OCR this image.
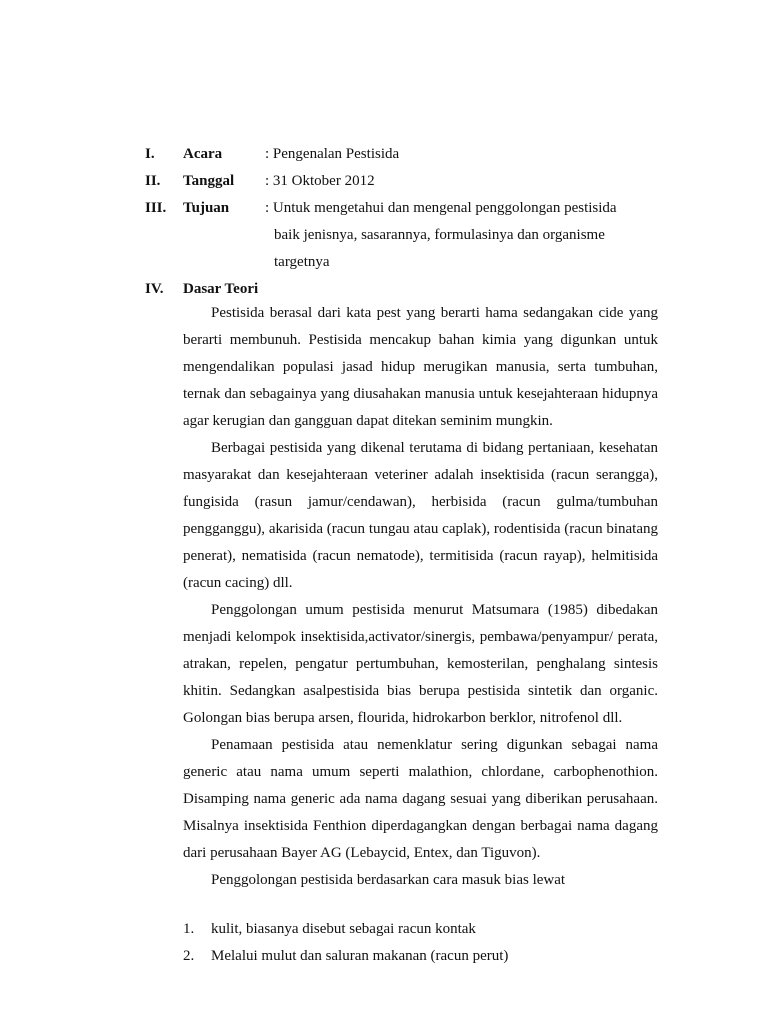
I. Acara	: Pengenalan Pestisida
II. Tanggal : 31 Oktober 2012
III. Tujuan : Untuk mengetahui dan mengenal penggolongan pestisida
baik jenisnya, sasarannya, formulasinya dan organisme
targetnya
IV. Dasar Teori

Pestisida berasal dari kata pest yang berarti hama sedangakan cide yang berarti membunuh. Pestisida mencakup bahan kimia yang digunkan untuk mengendalikan populasi jasad hidup merugikan manusia, serta tumbuhan, ternak dan sebagainya yang diusahakan manusia untuk kesejahteraan hidupnya agar kerugian dan gangguan dapat ditekan seminim mungkin.

Berbagai pestisida yang dikenal terutama di bidang pertaniaan, kesehatan masyarakat dan kesejahteraan veteriner adalah insektisida (racun serangga), fungisida (rasun jamur/cendawan), herbisida (racun gulma/tumbuhan pengganggu), akarisida (racun tungau atau caplak), rodentisida (racun binatang penerat), nematisida (racun nematode), termitisida (racun rayap), helmitisida (racun cacing) dll.

Penggolongan umum pestisida menurut Matsumara (1985) dibedakan menjadi kelompok insektisida,activator/sinergis, pembawa/penyampur/ perata, atrakan, repelen, pengatur pertumbuhan, kemosterilan, penghalang sintesis khitin. Sedangkan asalpestisida bias berupa pestisida sintetik dan organic. Golongan bias berupa arsen, flourida, hidrokarbon berklor, nitrofenol dll.

Penamaan pestisida atau nemenklatur sering digunkan sebagai nama generic atau nama umum seperti malathion, chlordane, carbophenothion. Disamping nama generic ada nama dagang sesuai yang diberikan perusahaan. Misalnya insektisida Fenthion diperdagangkan dengan berbagai nama dagang dari perusahaan Bayer AG (Lebaycid, Entex, dan Tiguvon).

Penggolongan pestisida berdasarkan cara masuk bias lewat

1. kulit, biasanya disebut sebagai racun kontak
2. Melalui mulut dan saluran makanan (racun perut)
